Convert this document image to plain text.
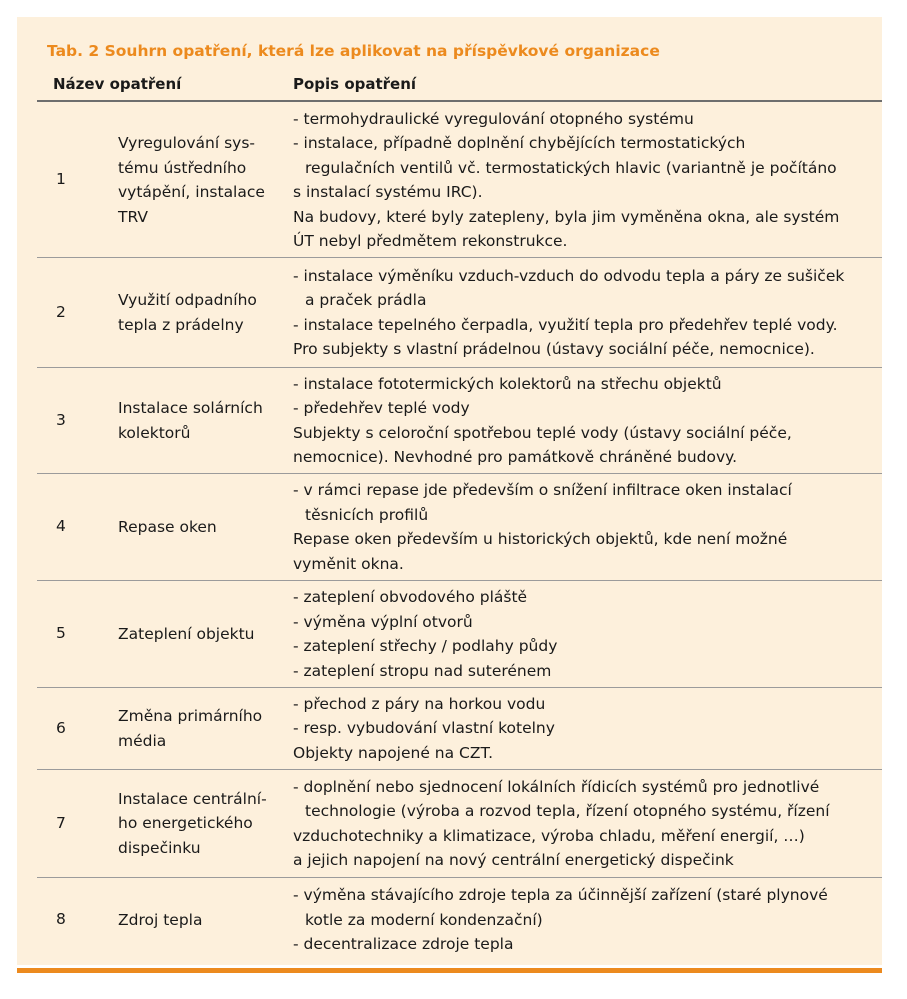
Tab. 2 Souhrn opatření, která lze aplikovat na příspěvkové organizace
Název opatření	Popis opatření
- termohydraulické vyregulování otopného systému
- instalace, případně doplnění chybějících termostatických
regulačních ventilů vč. termostatických hlavic (variantně je počítáno
s instalací systému IRC).
Na budovy, které byly zatepleny, byla jim vyměněna okna, ale systém
ÚT nebyl předmětem rekonstrukce.
Vyregulování sys-
tému ústředního
vytápění, instalace
TRV
1
- instalace výměníku vzduch-vzduch do odvodu tepla a páry ze sušiček
a praček prádla
- instalace tepelného čerpadla, využití tepla pro předehřev teplé vody.
Pro subjekty s vlastní prádelnou (ústavy sociální péče, nemocnice).
Využití odpadního
tepla z prádelny
2
- instalace fototermických kolektorů na střechu objektů
- předehřev teplé vody
Subjekty s celoroční spotřebou teplé vody (ústavy sociální péče,
nemocnice). Nevhodné pro památkově chráněné budovy.
Instalace solárních
kolektorů
3
- v rámci repase jde především o snížení infiltrace oken instalací
těsnicích profilů
Repase oken především u historických objektů, kde není možné
vyměnit okna.
Repase oken
4
- zateplení obvodového pláště
- výměna výplní otvorů
- zateplení střechy / podlahy půdy
- zateplení stropu nad suterénem
Zateplení objektu
5
- přechod z páry na horkou vodu
- resp. vybudování vlastní kotelny
Objekty napojené na CZT.
Změna primárního
média
6
- doplnění nebo sjednocení lokálních řídicích systémů pro jednotlivé
technologie (výroba a rozvod tepla, řízení otopného systému, řízení
vzduchotechniky a klimatizace, výroba chladu, měření energií, …)
a jejich napojení na nový centrální energetický dispečink
Instalace centrální-
ho energetického
dispečinku
7
- výměna stávajícího zdroje tepla za účinnější zařízení (staré plynové
kotle za moderní kondenzační)
- decentralizace zdroje tepla
Zdroj tepla
8
